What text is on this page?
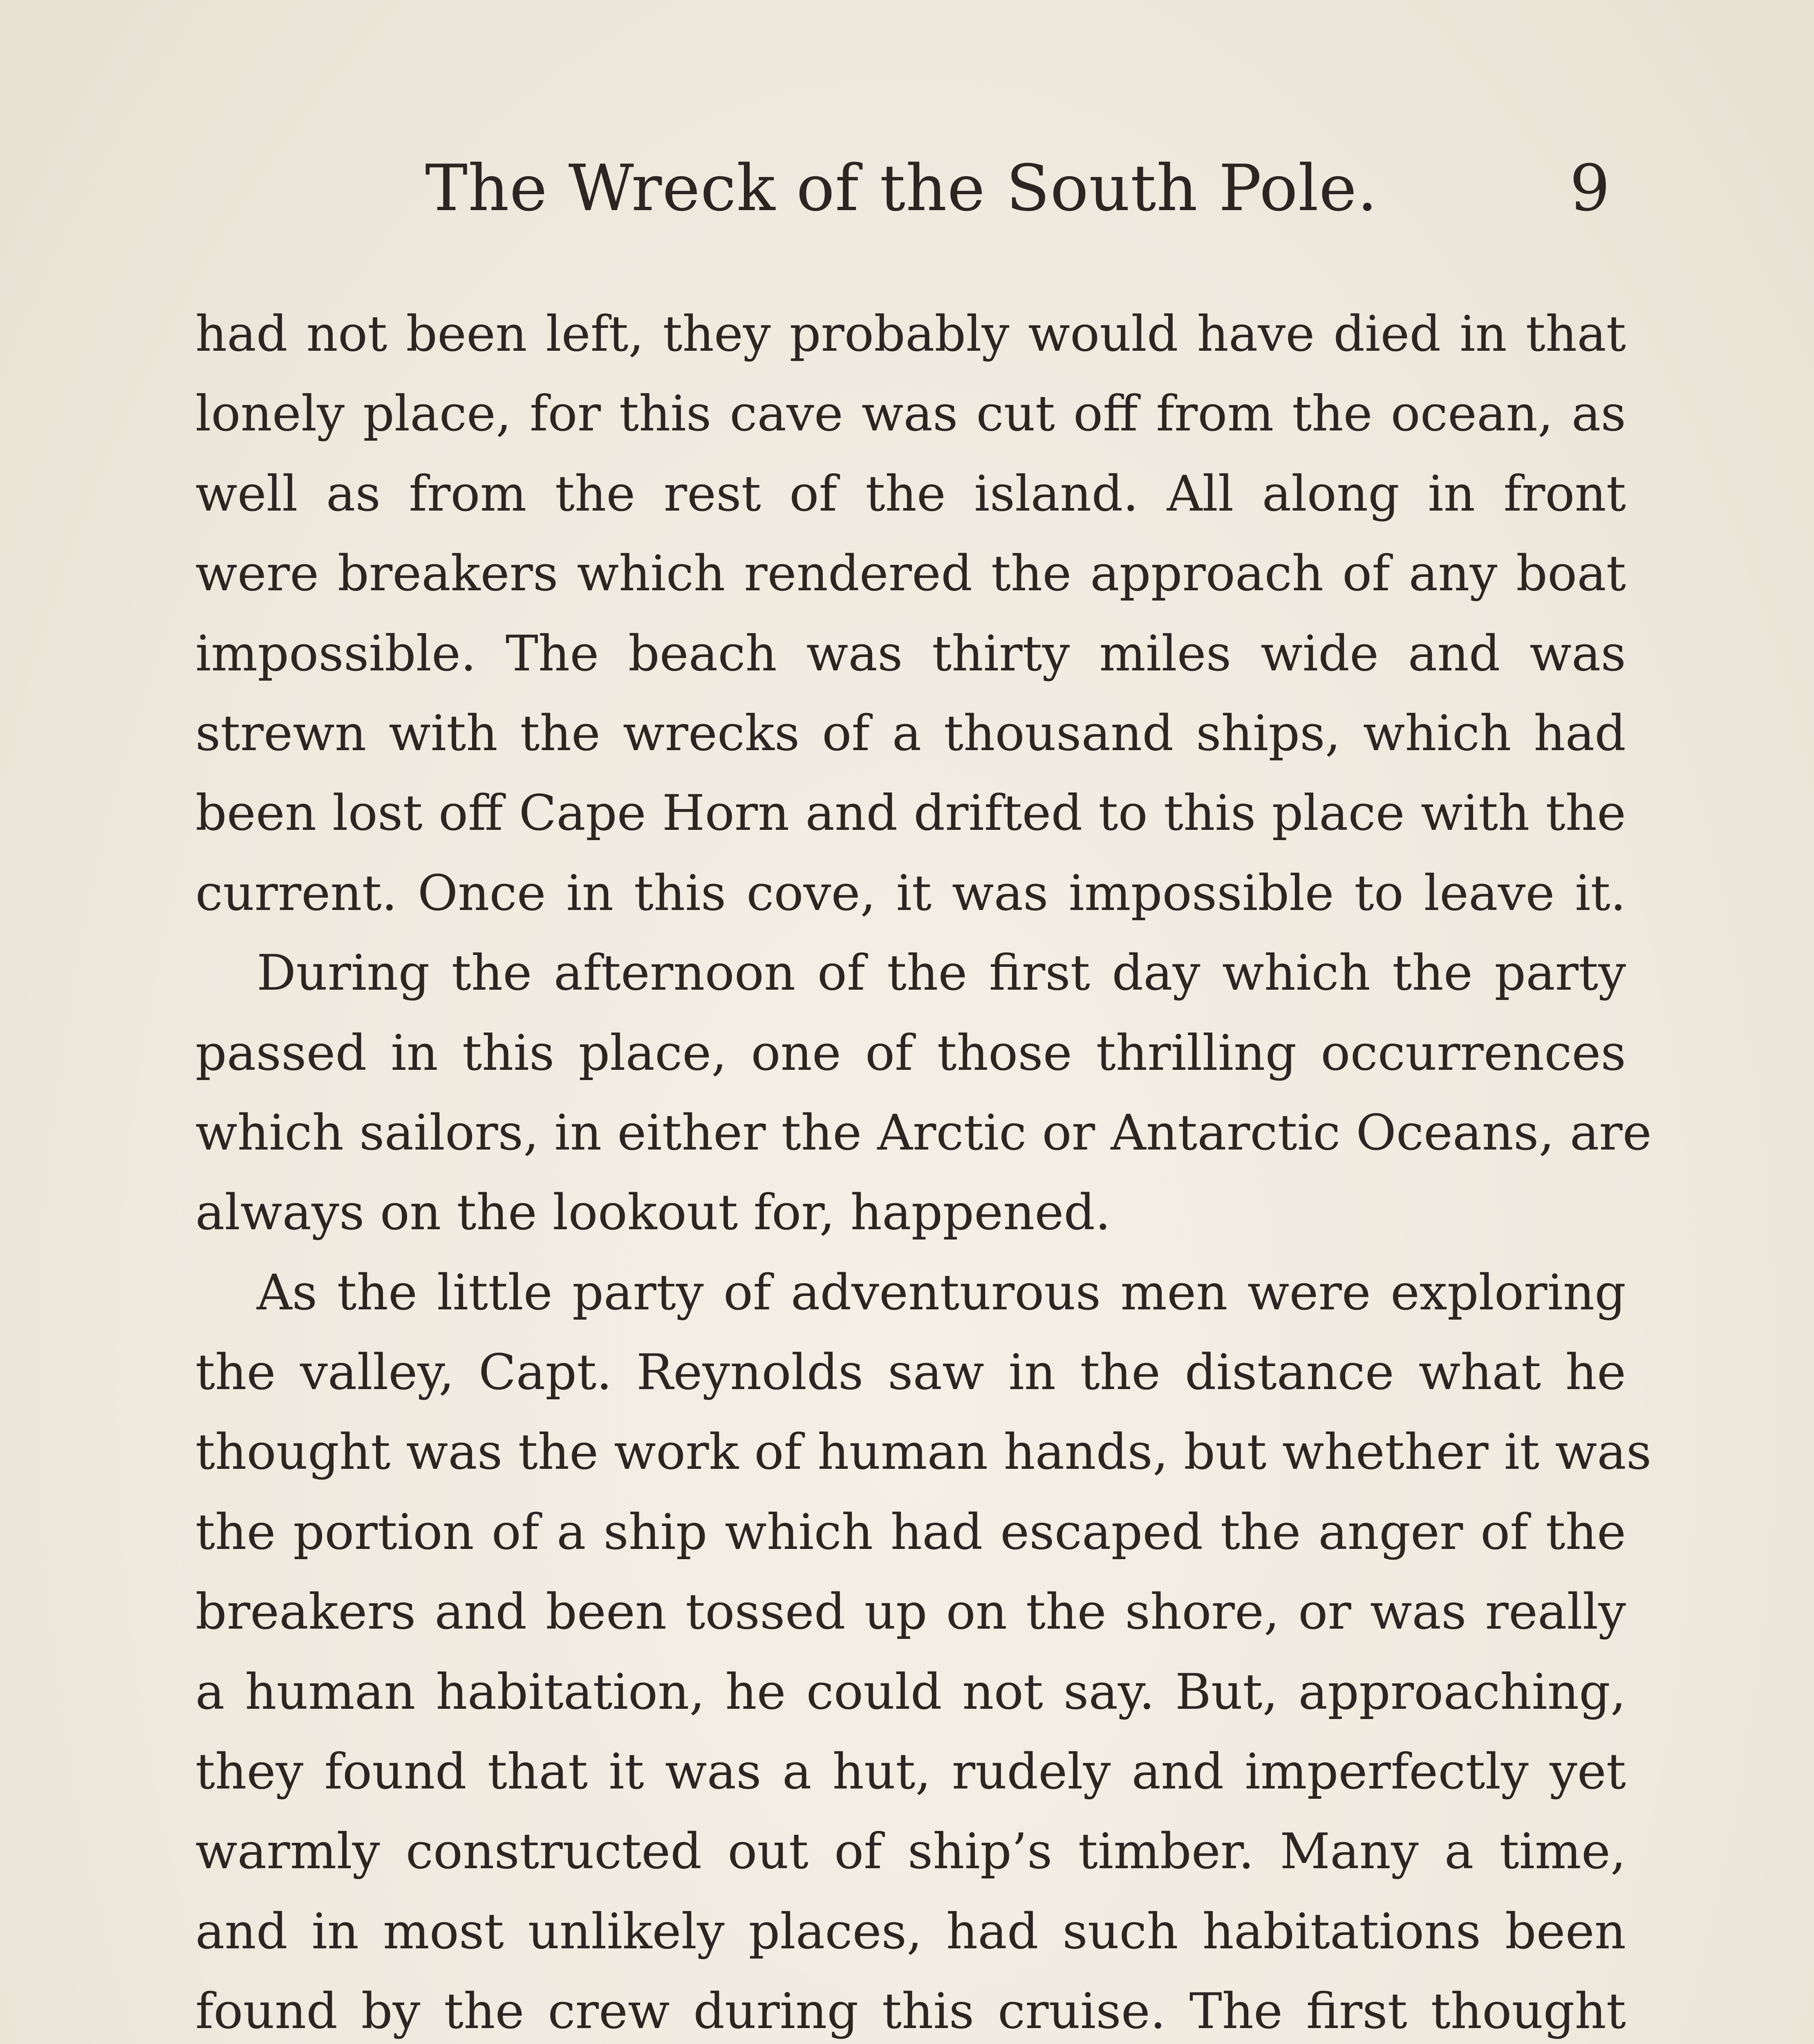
The Wreck of the South Pole.	9
had not been left, they probably would have died in that
lonely place, for this cave was cut off from the ocean, as
well as from the rest of the island. All along in front
were breakers which rendered the approach of any boat
impossible. The beach was thirty miles wide and was
strewn with the wrecks of a thousand ships, which had
been lost off Cape Horn and drifted to this place with the
current. Once in this cove, it was impossible to leave it.
During the afternoon of the first day which the party
passed in this place, one of those thrilling occurrences
which sailors, in either the Arctic or Antarctic Oceans, are
always on the lookout for, happened.
As the little party of adventurous men were exploring
the valley, Capt. Reynolds saw in the distance what he
thought was the work of human hands, but whether it was
the portion of a ship which had escaped the anger of the
breakers and been tossed up on the shore, or was really
a human habitation, he could not say. But, approaching,
they found that it was a hut, rudely and imperfectly yet
warmly constructed out of ship’s timber. Many a time,
and in most unlikely places, had such habitations been
found by the crew during this cruise. The first thought
